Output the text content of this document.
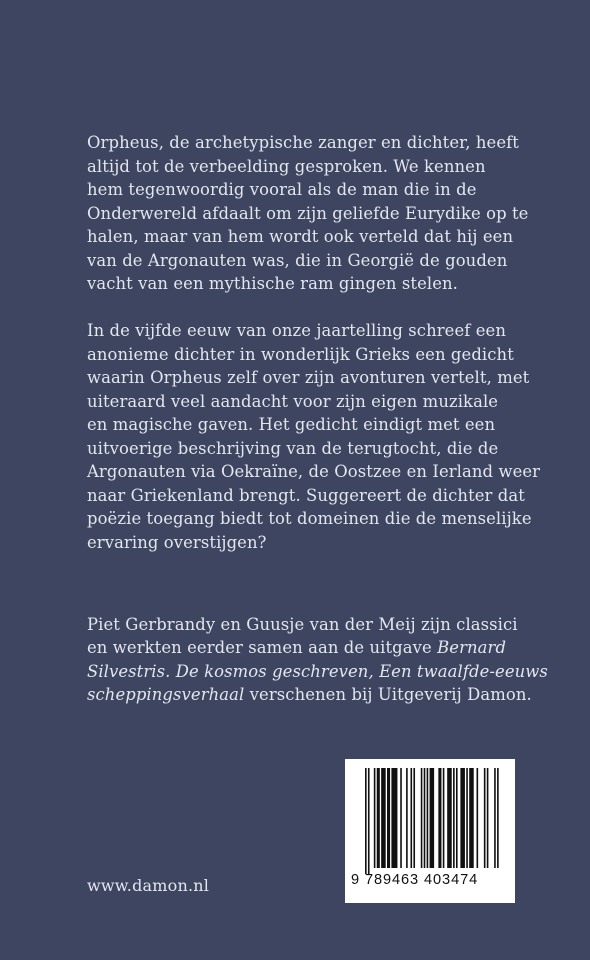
Orpheus, de archetypische zanger en dichter, heeft

altijd tot de verbeelding gesproken. We kennen

hem tegenwoordig vooral als de man die in de

Onderwereld afdaalt om zijn geliefde Eurydike op te

halen, maar van hem wordt ook verteld dat hij een

van de Argonauten was, die in Georgië de gouden

vacht van een mythische ram gingen stelen.

In de vijfde eeuw van onze jaartelling schreef een

anonieme dichter in wonderlijk Grieks een gedicht

waarin Orpheus zelf over zijn avonturen vertelt, met

uiteraard veel aandacht voor zijn eigen muzikale

en magische gaven. Het gedicht eindigt met een

uitvoerige beschrijving van de terugtocht, die de

Argonauten via Oekraïne, de Oostzee en Ierland weer

naar Griekenland brengt. Suggereert de dichter dat

poëzie toegang biedt tot domeinen die de menselijke

ervaring overstijgen?

Piet Gerbrandy en Guusje van der Meij zijn classici

en werkten eerder samen aan de uitgave Bernard

Silvestris. De kosmos geschreven, Een twaalfde-eeuws

scheppingsverhaal verschenen bij Uitgeverij Damon.

www.damon.nl	9 789463 403474
